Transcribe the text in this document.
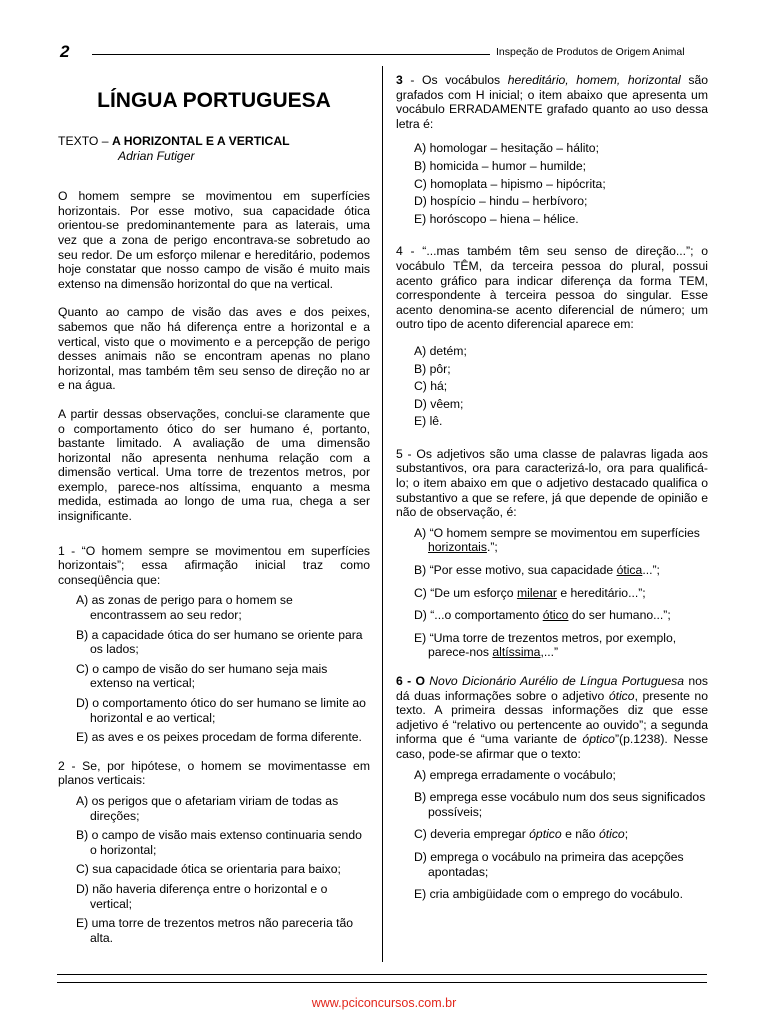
2	Inspeção de Produtos de Origem Animal
LÍNGUA PORTUGUESA
TEXTO – A HORIZONTAL E A VERTICAL
Adrian Futiger

O homem sempre se movimentou em superfícies horizontais. Por esse motivo, sua capacidade ótica orientou-se predominantemente para as laterais, uma vez que a zona de perigo encontrava-se sobretudo ao seu redor. De um esforço milenar e hereditário, podemos hoje constatar que nosso campo de visão é muito mais extenso na dimensão horizontal do que na vertical.

Quanto ao campo de visão das aves e dos peixes, sabemos que não há diferença entre a horizontal e a vertical, visto que o movimento e a percepção de perigo desses animais não se encontram apenas no plano horizontal, mas também têm seu senso de direção no ar e na água.

A partir dessas observações, conclui-se claramente que o comportamento ótico do ser humano é, portanto, bastante limitado. A avaliação de uma dimensão horizontal não apresenta nenhuma relação com a dimensão vertical. Uma torre de trezentos metros, por exemplo, parece-nos altíssima, enquanto a mesma medida, estimada ao longo de uma rua, chega a ser insignificante.

1 - “O homem sempre se movimentou em superfícies horizontais”; essa afirmação inicial traz como conseqüência que:
A) as zonas de perigo para o homem se encontrassem ao seu redor;
B) a capacidade ótica do ser humano se oriente para os lados;
C) o campo de visão do ser humano seja mais extenso na vertical;
D) o comportamento ótico do ser humano se limite ao horizontal e ao vertical;
E) as aves e os peixes procedam de forma diferente.
2 - Se, por hipótese, o homem se movimentasse em planos verticais:
A) os perigos que o afetariam viriam de todas as direções;
B) o campo de visão mais extenso continuaria sendo o horizontal;
C) sua capacidade ótica se orientaria para baixo;
D) não haveria diferença entre o horizontal e o vertical;
E) uma torre de trezentos metros não pareceria tão alta.
3 - Os vocábulos hereditário, homem, horizontal são grafados com H inicial; o item abaixo que apresenta um vocábulo ERRADAMENTE grafado quanto ao uso dessa letra é:
A) homologar – hesitação – hálito;
B) homicida – humor – humilde;
C) homoplata – hipismo – hipócrita;
D) hospício – hindu – herbívoro;
E) horóscopo – hiena – hélice.
4 - “...mas também têm seu senso de direção...”; o vocábulo TÊM, da terceira pessoa do plural, possui acento gráfico para indicar diferença da forma TEM, correspondente à terceira pessoa do singular. Esse acento denomina-se acento diferencial de número; um outro tipo de acento diferencial aparece em:
A) detém;
B) pôr;
C) há;
D) vêem;
E) lê.
5 - Os adjetivos são uma classe de palavras ligada aos substantivos, ora para caracterizá-lo, ora para qualificá-lo; o item abaixo em que o adjetivo destacado qualifica o substantivo a que se refere, já que depende de opinião e não de observação, é:
A) “O homem sempre se movimentou em superfícies horizontais.”;
B) “Por esse motivo, sua capacidade ótica...”;
C) “De um esforço milenar e hereditário...”;
D) “...o comportamento ótico do ser humano...”;
E) “Uma torre de trezentos metros, por exemplo, parece-nos altíssima,...”
6 - O Novo Dicionário Aurélio de Língua Portuguesa nos dá duas informações sobre o adjetivo ótico, presente no texto. A primeira dessas informações diz que esse adjetivo é “relativo ou pertencente ao ouvido”; a segunda informa que é “uma variante de óptico”(p.1238). Nesse caso, pode-se afirmar que o texto:
A) emprega erradamente o vocábulo;
B) emprega esse vocábulo num dos seus significados possíveis;
C) deveria empregar óptico e não ótico;
D) emprega o vocábulo na primeira das acepções apontadas;
E) cria ambigüidade com o emprego do vocábulo.
www.pciconcursos.com.br
